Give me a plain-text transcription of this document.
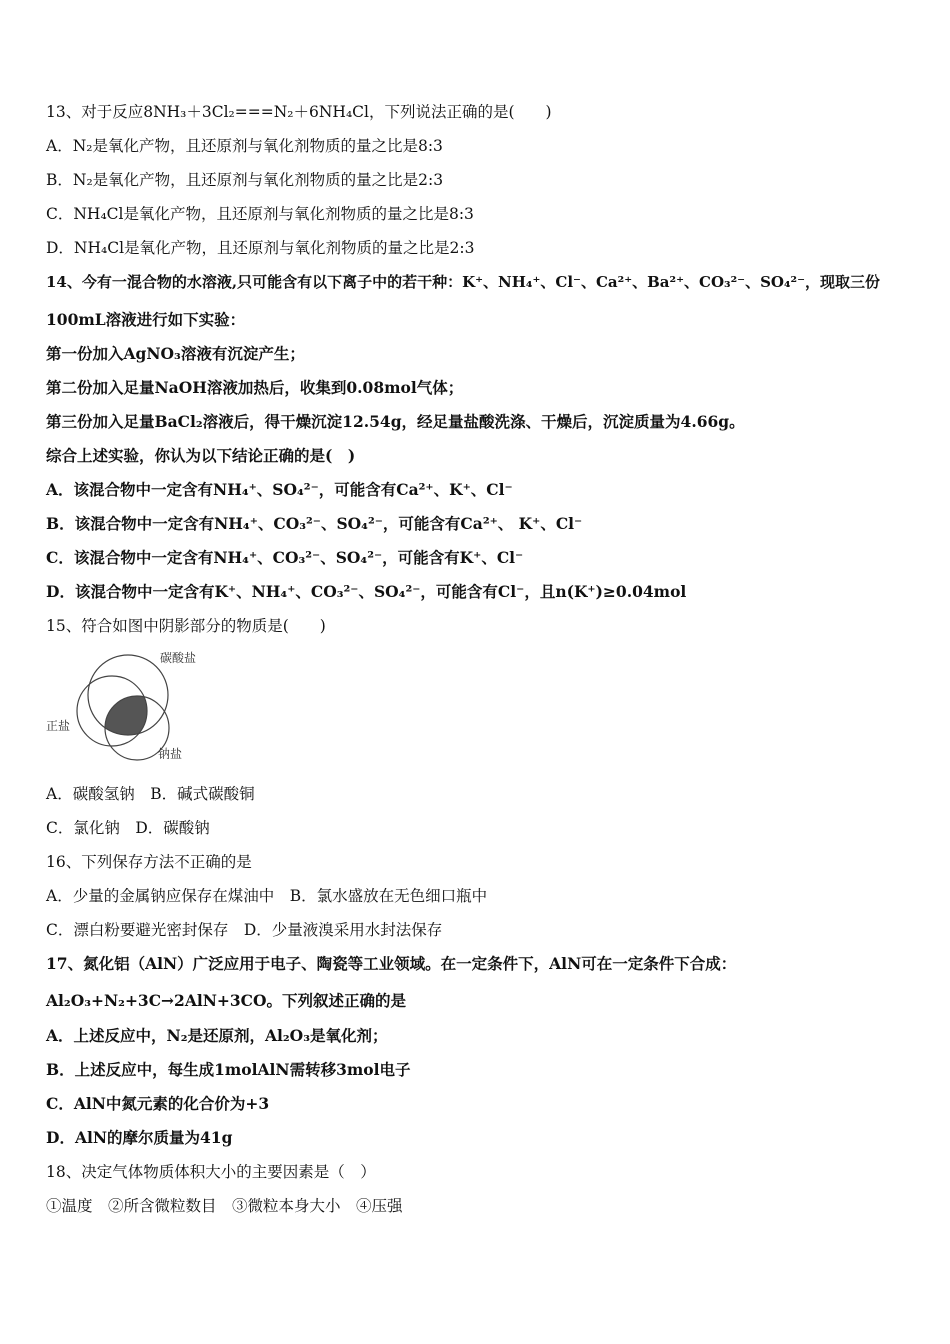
13、对于反应8NH₃＋3Cl₂===N₂＋6NH₄Cl，下列说法正确的是(　　)
A．N₂是氧化产物，且还原剂与氧化剂物质的量之比是8:3
B．N₂是氧化产物，且还原剂与氧化剂物质的量之比是2:3
C．NH₄Cl是氧化产物，且还原剂与氧化剂物质的量之比是8:3
D．NH₄Cl是氧化产物，且还原剂与氧化剂物质的量之比是2:3
14、今有一混合物的水溶液,只可能含有以下离子中的若干种：K⁺、NH₄⁺、Cl⁻、Ca²⁺、Ba²⁺、CO₃²⁻、SO₄²⁻，现取三份
100mL溶液进行如下实验：
第一份加入AgNO₃溶液有沉淀产生；
第二份加入足量NaOH溶液加热后，收集到0.08mol气体；
第三份加入足量BaCl₂溶液后，得干燥沉淀12.54g，经足量盐酸洗涤、干燥后，沉淀质量为4.66g。
综合上述实验，你认为以下结论正确的是(　)
A．该混合物中一定含有NH₄⁺、SO₄²⁻，可能含有Ca²⁺、K⁺、Cl⁻
B．该混合物中一定含有NH₄⁺、CO₃²⁻、SO₄²⁻，可能含有Ca²⁺、 K⁺、Cl⁻
C．该混合物中一定含有NH₄⁺、CO₃²⁻、SO₄²⁻，可能含有K⁺、Cl⁻
D．该混合物中一定含有K⁺、NH₄⁺、CO₃²⁻、SO₄²⁻，可能含有Cl⁻，且n(K⁺)≥0.04mol
15、符合如图中阴影部分的物质是(　　)
碳酸盐
正盐
钠盐
A．碳酸氢钠　B．碱式碳酸铜
C．氯化钠　D．碳酸钠
16、下列保存方法不正确的是
A．少量的金属钠应保存在煤油中　B．氯水盛放在无色细口瓶中
C．漂白粉要避光密封保存　D．少量液溴采用水封法保存
17、氮化铝（AlN）广泛应用于电子、陶瓷等工业领域。在一定条件下，AlN可在一定条件下合成：
Al₂O₃+N₂+3C→2AlN+3CO。下列叙述正确的是
A．上述反应中，N₂是还原剂，Al₂O₃是氧化剂；
B．上述反应中，每生成1molAlN需转移3mol电子
C．AlN中氮元素的化合价为+3
D．AlN的摩尔质量为41g
18、决定气体物质体积大小的主要因素是（　）
①温度　②所含微粒数目　③微粒本身大小　④压强
